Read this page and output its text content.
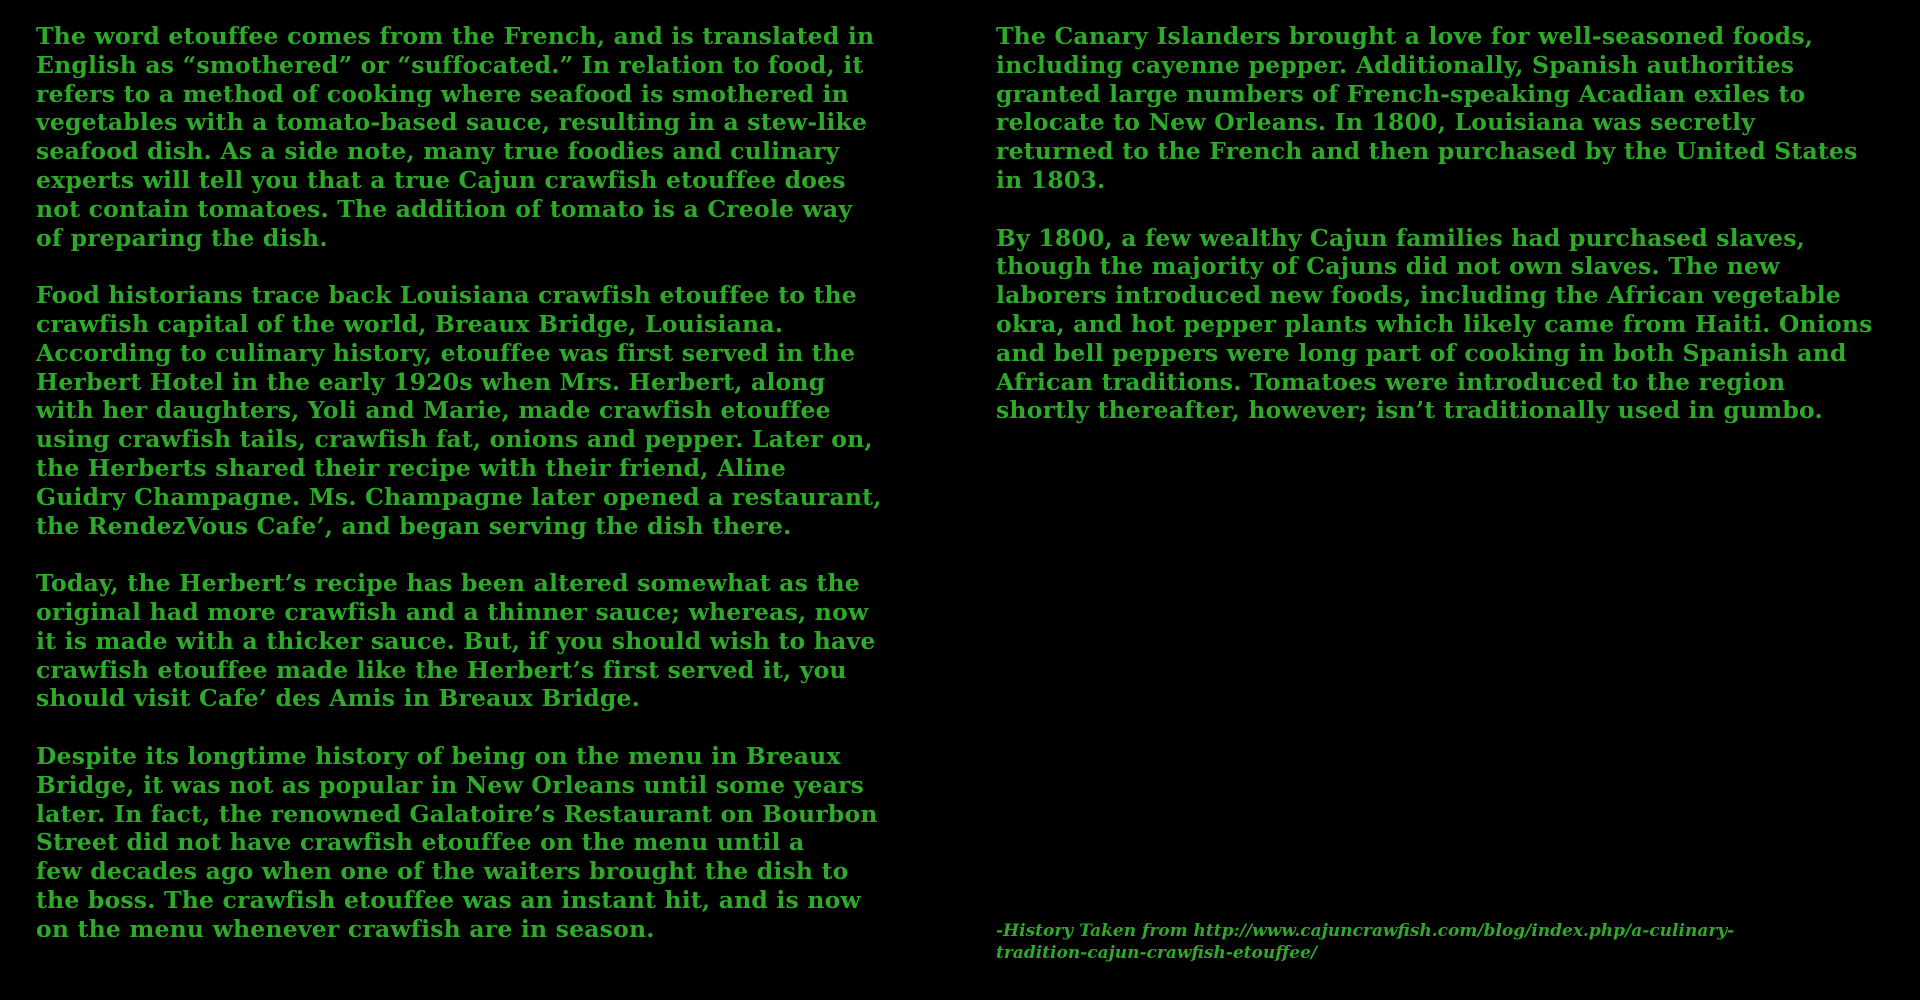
The word etouffee comes from the French, and is translated in
English as “smothered” or “suffocated.” In relation to food, it
refers to a method of cooking where seafood is smothered in
vegetables with a tomato-based sauce, resulting in a stew-like
seafood dish. As a side note, many true foodies and culinary
experts will tell you that a true Cajun crawfish etouffee does
not contain tomatoes. The addition of tomato is a Creole way
of preparing the dish.

Food historians trace back Louisiana crawfish etouffee to the
crawfish capital of the world, Breaux Bridge, Louisiana.
According to culinary history, etouffee was first served in the
Herbert Hotel in the early 1920s when Mrs. Herbert, along
with her daughters, Yoli and Marie, made crawfish etouffee
using crawfish tails, crawfish fat, onions and pepper. Later on,
the Herberts shared their recipe with their friend, Aline
Guidry Champagne. Ms. Champagne later opened a restaurant,
the RendezVous Cafe’, and began serving the dish there.

Today, the Herbert’s recipe has been altered somewhat as the
original had more crawfish and a thinner sauce; whereas, now
it is made with a thicker sauce. But, if you should wish to have
crawfish etouffee made like the Herbert’s first served it, you
should visit Cafe’ des Amis in Breaux Bridge.

Despite its longtime history of being on the menu in Breaux
Bridge, it was not as popular in New Orleans until some years
later. In fact, the renowned Galatoire’s Restaurant on Bourbon
Street did not have crawfish etouffee on the menu until a
few decades ago when one of the waiters brought the dish to
the boss. The crawfish etouffee was an instant hit, and is now
on the menu whenever crawfish are in season.

The Canary Islanders brought a love for well-seasoned foods,
including cayenne pepper. Additionally, Spanish authorities
granted large numbers of French-speaking Acadian exiles to
relocate to New Orleans. In 1800, Louisiana was secretly
returned to the French and then purchased by the United States
in 1803.

By 1800, a few wealthy Cajun families had purchased slaves,
though the majority of Cajuns did not own slaves. The new
laborers introduced new foods, including the African vegetable
okra, and hot pepper plants which likely came from Haiti. Onions
and bell peppers were long part of cooking in both Spanish and
African traditions. Tomatoes were introduced to the region
shortly thereafter, however; isn’t traditionally used in gumbo.

-History Taken from http://www.cajuncrawfish.com/blog/index.php/a-culinary-
tradition-cajun-crawfish-etouffee/
